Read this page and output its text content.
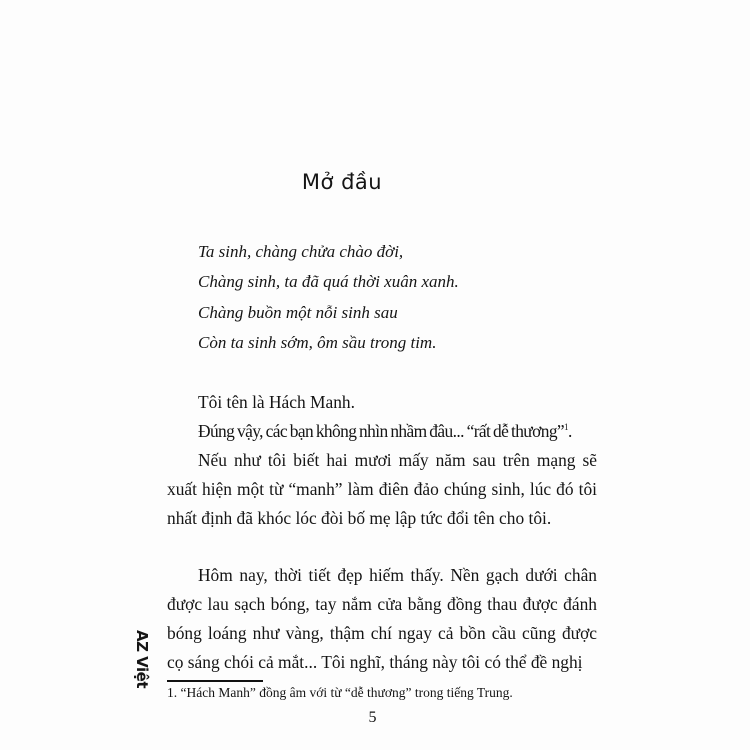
Mở đầu
Ta sinh, chàng chửa chào đời,
Chàng sinh, ta đã quá thời xuân xanh.
Chàng buồn một nỗi sinh sau
Còn ta sinh sớm, ôm sầu trong tim.
Tôi tên là Hách Manh.
Đúng vậy, các bạn không nhìn nhầm đâu... “rất dễ thương”$^1$.
Nếu như tôi biết hai mươi mấy năm sau trên mạng sẽ xuất hiện một từ “manh” làm điên đảo chúng sinh, lúc đó tôi nhất định đã khóc lóc đòi bố mẹ lập tức đổi tên cho tôi.
Hôm nay, thời tiết đẹp hiếm thấy. Nền gạch dưới chân được lau sạch bóng, tay nắm cửa bằng đồng thau được đánh bóng loáng như vàng, thậm chí ngay cả bồn cầu cũng được cọ sáng chói cả mắt... Tôi nghĩ, tháng này tôi có thể đề nghị
1. “Hách Manh” đồng âm với từ “dễ thương” trong tiếng Trung.
5
AZ Việt
